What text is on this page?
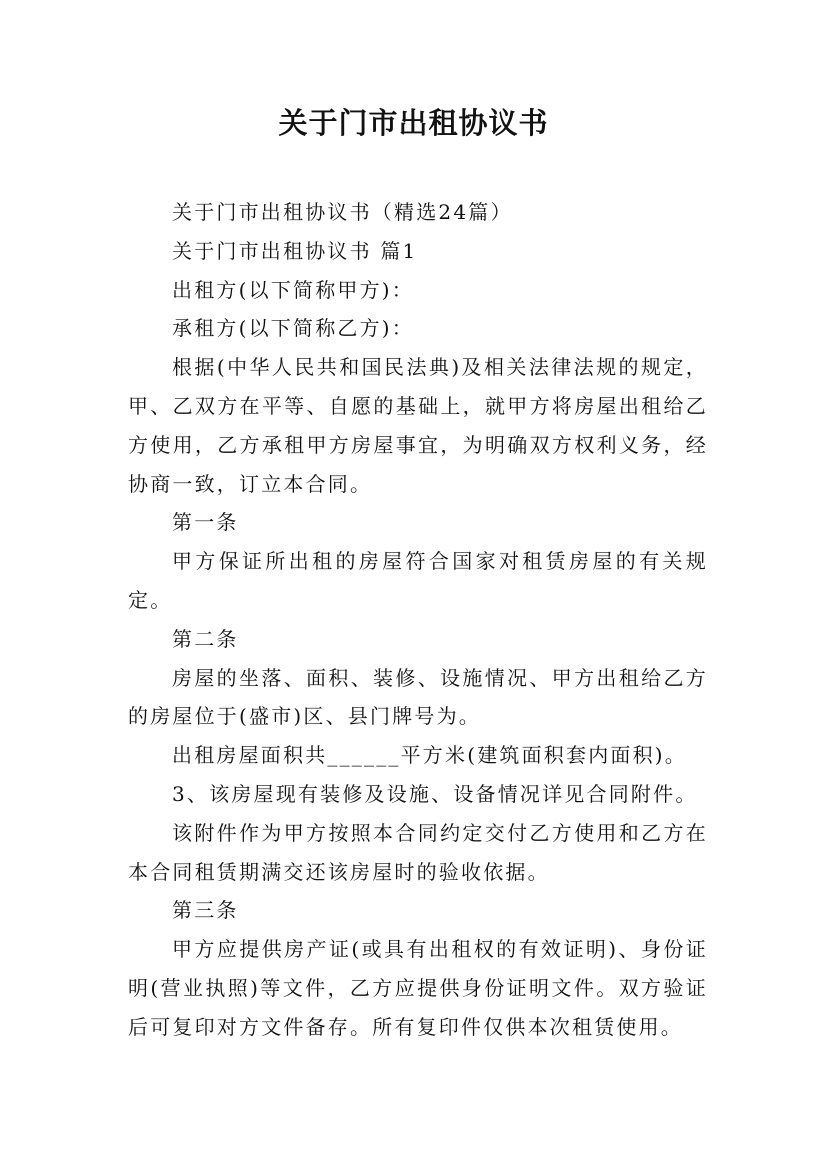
关于门市出租协议书

关于门市出租协议书（精选24篇）

关于门市出租协议书 篇1

出租方(以下简称甲方)：

承租方(以下简称乙方)：

根据(中华人民共和国民法典)及相关法律法规的规定，甲、乙双方在平等、自愿的基础上，就甲方将房屋出租给乙方使用，乙方承租甲方房屋事宜，为明确双方权利义务，经协商一致，订立本合同。

第一条

甲方保证所出租的房屋符合国家对租赁房屋的有关规定。

第二条

房屋的坐落、面积、装修、设施情况、甲方出租给乙方的房屋位于(盛市)区、县门牌号为。

出租房屋面积共______平方米(建筑面积套内面积)。

3、该房屋现有装修及设施、设备情况详见合同附件。

该附件作为甲方按照本合同约定交付乙方使用和乙方在本合同租赁期满交还该房屋时的验收依据。

第三条

甲方应提供房产证(或具有出租权的有效证明)、身份证明(营业执照)等文件，乙方应提供身份证明文件。双方验证后可复印对方文件备存。所有复印件仅供本次租赁使用。
